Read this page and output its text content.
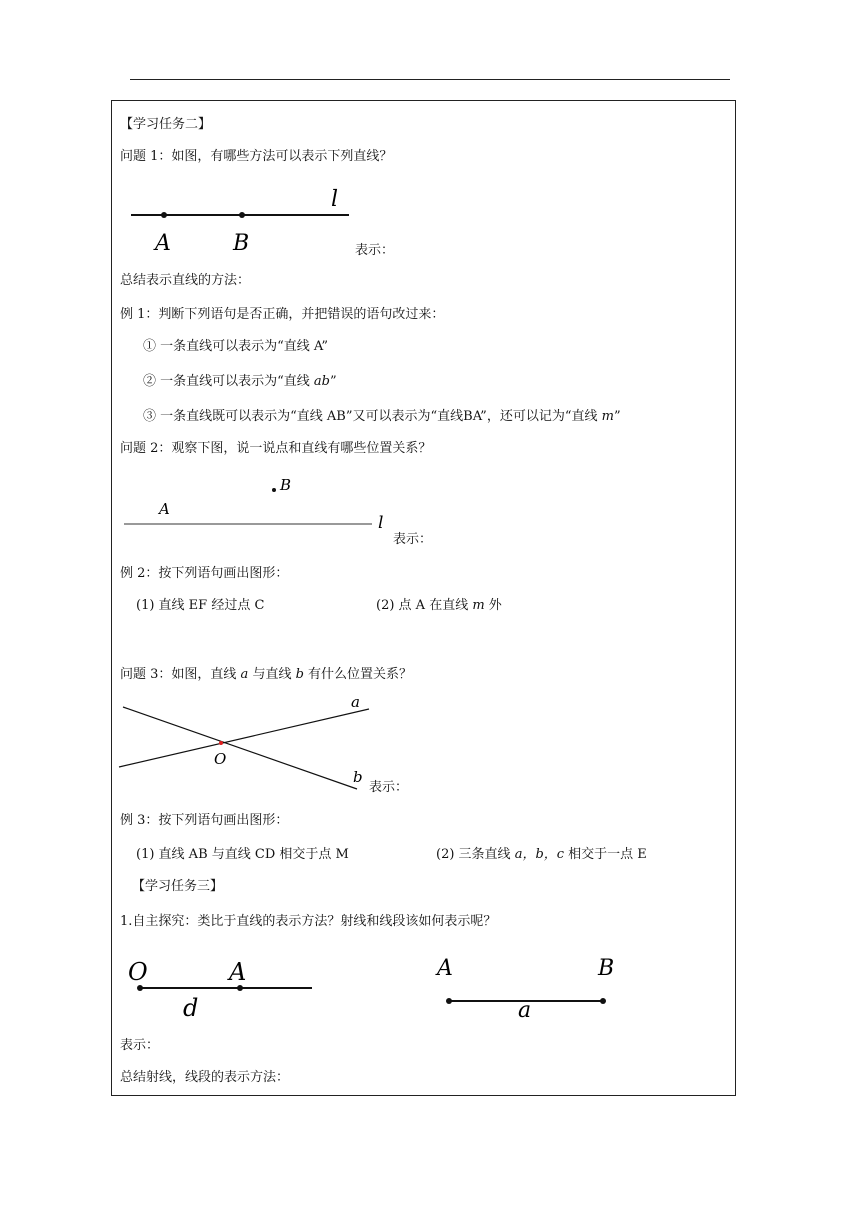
【学习任务二】
问题 1：如图，有哪些方法可以表示下列直线？
表示：
总结表示直线的方法：
例 1：判断下列语句是否正确，并把错误的语句改过来：
① 一条直线可以表示为“直线 A”
② 一条直线可以表示为“直线 ab”
③ 一条直线既可以表示为“直线 AB”又可以表示为“直线BA”，还可以记为“直线 m”
问题 2：观察下图，说一说点和直线有哪些位置关系？
表示：
例 2：按下列语句画出图形：
(1) 直线 EF 经过点 C	(2) 点 A 在直线 m 外
问题 3：如图，直线 a 与直线 b 有什么位置关系？
表示：
例 3：按下列语句画出图形：
(1) 直线 AB 与直线 CD 相交于点 M	(2) 三条直线 a，b，c 相交于一点 E
【学习任务三】
1.自主探究：类比于直线的表示方法？射线和线段该如何表示呢？
表示：
总结射线，线段的表示方法：
l
A	B
A
B
l
a
b
O
O	A
d
A	B
a
